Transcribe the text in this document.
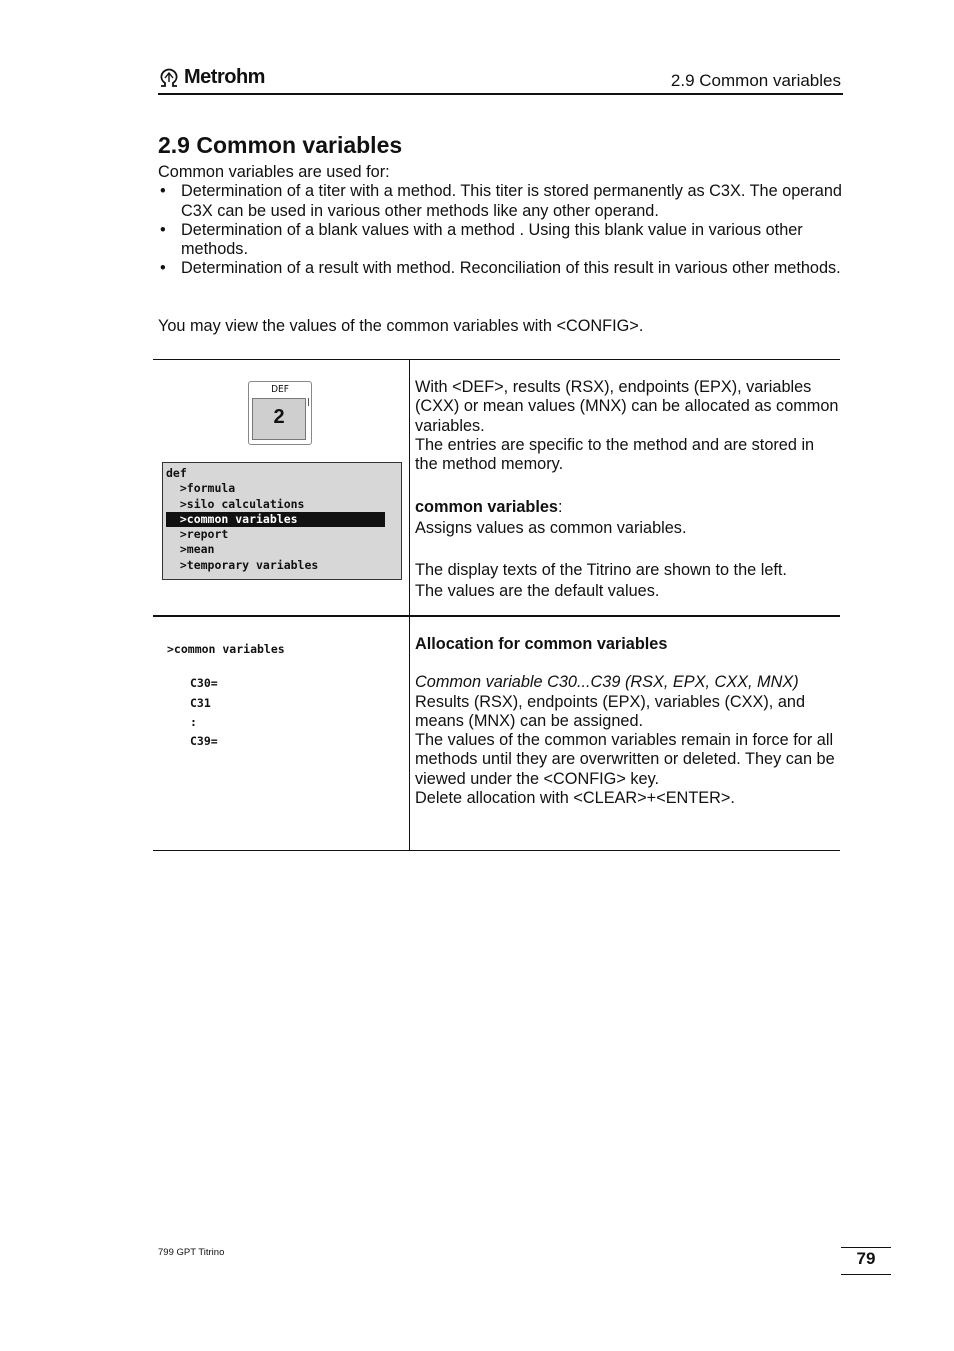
Metrohm	2.9 Common variables
2.9 Common variables
Common variables are used for:
• Determination of a titer with a method. This titer is stored permanently as C3X. The operand C3X can be used in various other methods like any other operand.
• Determination of a blank values with a method . Using this blank value in various other methods.
• Determination of a result with method. Reconciliation of this result in various other methods.
You may view the values of the common variables with <CONFIG>.
DEF
2
def
>formula
>silo calculations
>common variables
>report
>mean
>temporary variables
With <DEF>, results (RSX), endpoints (EPX), variables (CXX) or mean values (MNX) can be allocated as common variables.
The entries are specific to the method and are stored in the method memory.
common variables:
Assigns values as common variables.
The display texts of the Titrino are shown to the left.
The values are the default values.
>common variables
C30=
C31
:
C39=
Allocation for common variables
Common variable C30...C39 (RSX, EPX, CXX, MNX)
Results (RSX), endpoints (EPX), variables (CXX), and means (MNX) can be assigned.
The values of the common variables remain in force for all methods until they are overwritten or deleted. They can be viewed under the <CONFIG> key.
Delete allocation with <CLEAR>+<ENTER>.
799 GPT Titrino	79
